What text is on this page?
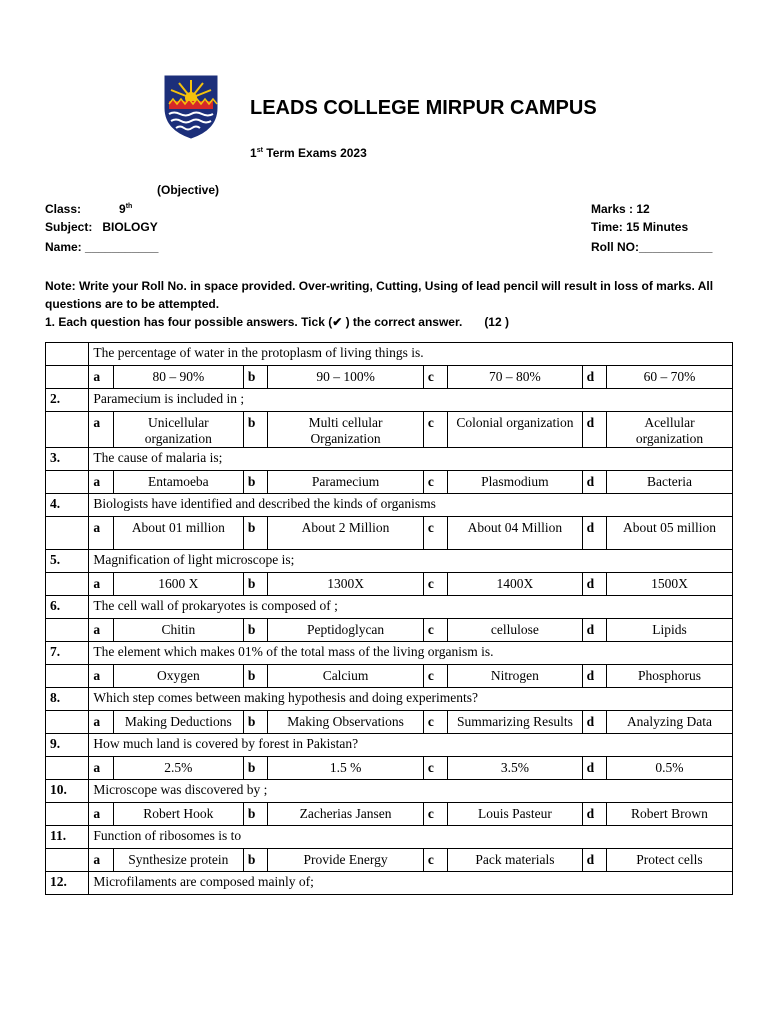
LEADS COLLEGE MIRPUR CAMPUS
1st Term Exams 2023
(Objective)
Class:	9th
Subject: BIOLOGY
Name: ___________
Marks : 12
Time: 15 Minutes
Roll NO:___________
Note: Write your Roll No. in space provided. Over-writing, Cutting, Using of lead pencil will result in loss of marks. All questions are to be attempted.
1. Each question has four possible answers. Tick (✔ ) the correct answer. (12 )
	The percentage of water in the protoplasm of living things is.							
	a	80 – 90%	b	90 – 100%	c	70 – 80%	d	60 – 70%
2.	Paramecium is included in ;							
	a	Unicellular organization	b	Multi cellular Organization	c	Colonial organization	d	Acellular organization
3.	The cause of malaria is;							
	a	Entamoeba	b	Paramecium	c	Plasmodium	d	Bacteria
4.	Biologists have identified and described the kinds of organisms							
	a	About 01 million	b	About 2 Million	c	About 04 Million	d	About 05 million
5.	Magnification of light microscope is;							
	a	1600 X	b	1300X	c	1400X	d	1500X
6.	The cell wall of prokaryotes is composed of ;							
	a	Chitin	b	Peptidoglycan	c	cellulose	d	Lipids
7.	The element which makes 01% of the total mass of the living organism is.							
	a	Oxygen	b	Calcium	c	Nitrogen	d	Phosphorus
8.	Which step comes between making hypothesis and doing experiments?							
	a	Making Deductions	b	Making Observations	c	Summarizing Results	d	Analyzing Data
9.	How much land is covered by forest in Pakistan?							
	a	2.5%	b	1.5 %	c	3.5%	d	0.5%
10.	Microscope was discovered by ;							
	a	Robert Hook	b	Zacherias Jansen	c	Louis Pasteur	d	Robert Brown
11.	Function of ribosomes is to							
	a	Synthesize protein	b	Provide Energy	c	Pack materials	d	Protect cells
12.	Microfilaments are composed mainly of;							
